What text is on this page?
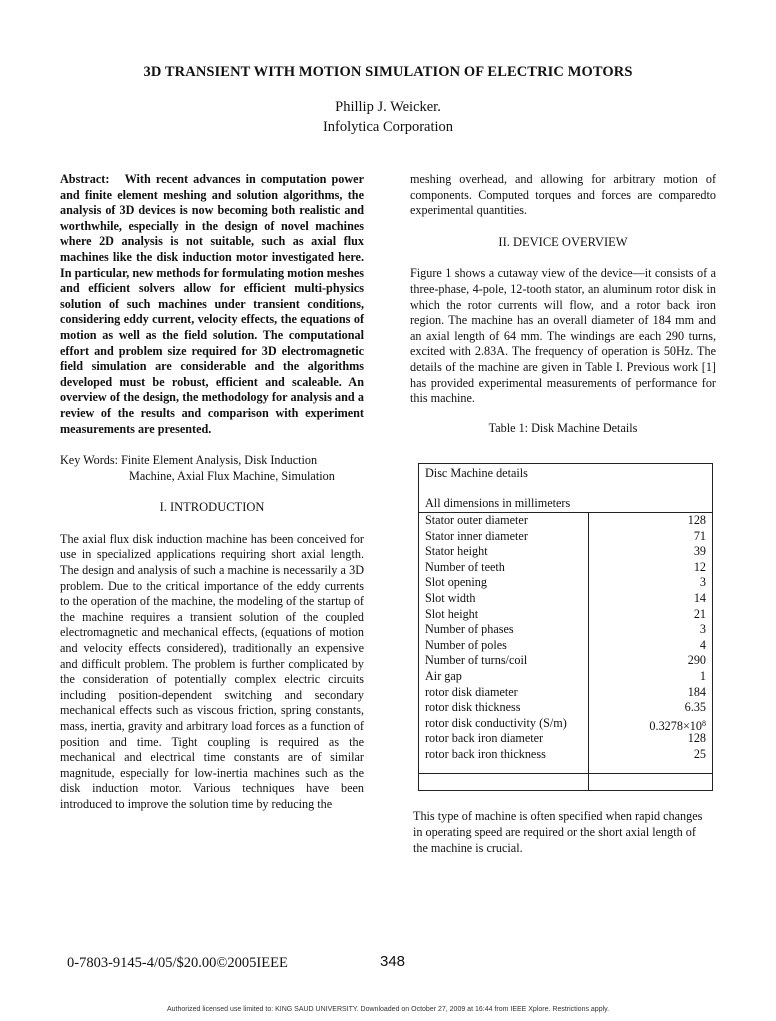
3D TRANSIENT WITH MOTION SIMULATION OF ELECTRIC MOTORS
Phillip J. Weicker.
Infolytica Corporation

Abstract: With recent advances in computation power and finite element meshing and solution algorithms, the analysis of 3D devices is now becoming both realistic and worthwhile, especially in the design of novel machines where 2D analysis is not suitable, such as axial flux machines like the disk induction motor investigated here. In particular, new methods for formulating motion meshes and efficient solvers allow for efficient multi-physics solution of such machines under transient conditions, considering eddy current, velocity effects, the equations of motion as well as the field solution. The computational effort and problem size required for 3D electromagnetic field simulation are considerable and the algorithms developed must be robust, efficient and scaleable. An overview of the design, the methodology for analysis and a review of the results and comparison with experiment measurements are presented.

Key Words: Finite Element Analysis, Disk Induction
Machine, Axial Flux Machine, Simulation
I. INTRODUCTION

The axial flux disk induction machine has been conceived for use in specialized applications requiring short axial length. The design and analysis of such a machine is necessarily a 3D problem. Due to the critical importance of the eddy currents to the operation of the machine, the modeling of the startup of the machine requires a transient solution of the coupled electromagnetic and mechanical effects, (equations of motion and velocity effects considered), traditionally an expensive and difficult problem. The problem is further complicated by the consideration of potentially complex electric circuits including position-dependent switching and secondary mechanical effects such as viscous friction, spring constants, mass, inertia, gravity and arbitrary load forces as a function of position and time. Tight coupling is required as the mechanical and electrical time constants are of similar magnitude, especially for low-inertia machines such as the disk induction motor. Various techniques have been introduced to improve the solution time by reducing the

meshing overhead, and allowing for arbitrary motion of components. Computed torques and forces are comparedto experimental quantities.

II. DEVICE OVERVIEW

Figure 1 shows a cutaway view of the device—it consists of a three-phase, 4-pole, 12-tooth stator, an aluminum rotor disk in which the rotor currents will flow, and a rotor back iron region. The machine has an overall diameter of 184 mm and an axial length of 64 mm. The windings are each 290 turns, excited with 2.83A. The frequency of operation is 50Hz. The details of the machine are given in Table I. Previous work [1] has provided experimental measurements of performance for this machine.

Table 1: Disk Machine Details
Disc Machine details
All dimensions in millimeters
Stator outer diameter	128
Stator inner diameter	71
Stator height	39
Number of teeth	12
Slot opening	3
Slot width	14
Slot height	21
Number of phases	3
Number of poles	4
Number of turns/coil	290
Air gap	1
rotor disk diameter	184
rotor disk thickness	6.35
rotor disk conductivity (S/m)	$0.3278\times 10^8$
rotor back iron diameter	128
rotor back iron thickness	25
This type of machine is often specified when rapid changes in operating speed are required or the short axial length of the machine is crucial.
0-7803-9145-4/05/$20.00©2005IEEE	348
Authorized licensed use limited to: KING SAUD UNIVERSITY. Downloaded on October 27, 2009 at 16:44 from IEEE Xplore. Restrictions apply.
